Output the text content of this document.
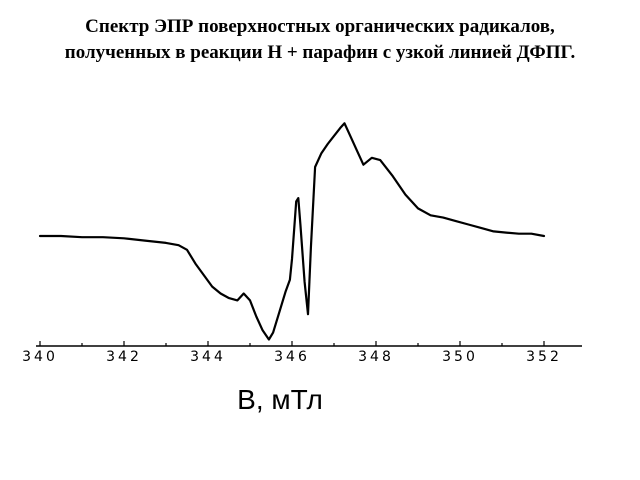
Спектр ЭПР поверхностных органических радикалов,
полученных в реакции Н + парафин с узкой линией ДФПГ.
340	342	344	346	348	350	352
B, мТл
